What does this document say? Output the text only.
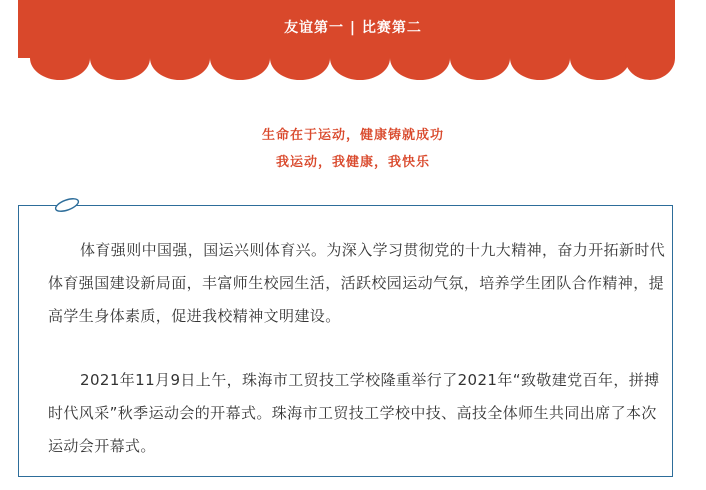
友谊第一 | 比赛第二
生命在于运动，健康铸就成功
我运动，我健康，我快乐

体育强则中国强，国运兴则体育兴。为深入学习贯彻党的十九大精神，奋力开拓新时代体育强国建设新局面，丰富师生校园生活，活跃校园运动气氛，培养学生团队合作精神，提高学生身体素质，促进我校精神文明建设。

2021年11月9日上午，珠海市工贸技工学校隆重举行了2021年“致敬建党百年，拼搏时代风采”秋季运动会的开幕式。珠海市工贸技工学校中技、高技全体师生共同出席了本次运动会开幕式。
